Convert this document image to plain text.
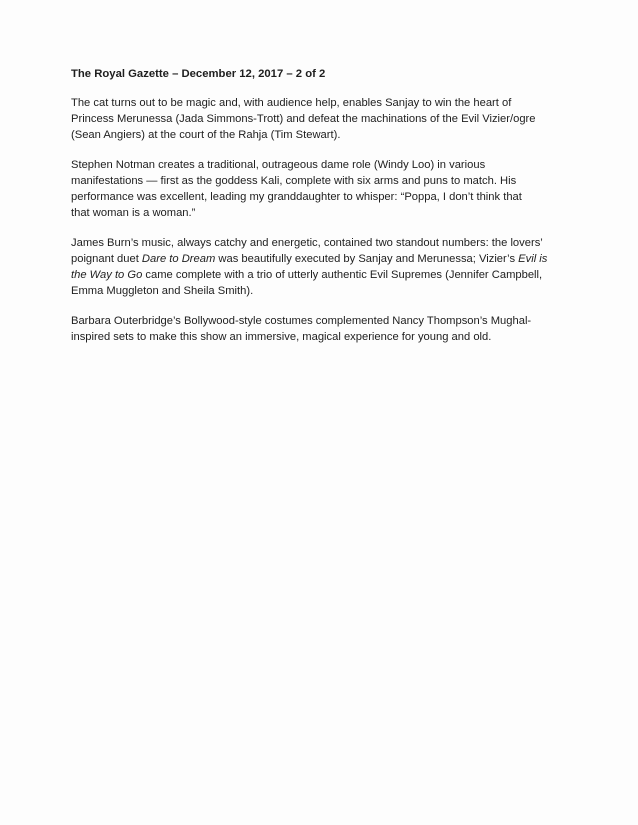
The Royal Gazette – December 12, 2017 – 2 of 2

The cat turns out to be magic and, with audience help, enables Sanjay to win the heart of
Princess Merunessa (Jada Simmons-Trott) and defeat the machinations of the Evil Vizier/ogre
(Sean Angiers) at the court of the Rahja (Tim Stewart).

Stephen Notman creates a traditional, outrageous dame role (Windy Loo) in various
manifestations — first as the goddess Kali, complete with six arms and puns to match. His
performance was excellent, leading my granddaughter to whisper: “Poppa, I don’t think that
that woman is a woman.”

James Burn’s music, always catchy and energetic, contained two standout numbers: the lovers’
poignant duet Dare to Dream was beautifully executed by Sanjay and Merunessa; Vizier’s Evil is
the Way to Go came complete with a trio of utterly authentic Evil Supremes (Jennifer Campbell,
Emma Muggleton and Sheila Smith).

Barbara Outerbridge’s Bollywood-style costumes complemented Nancy Thompson’s Mughal-
inspired sets to make this show an immersive, magical experience for young and old.
